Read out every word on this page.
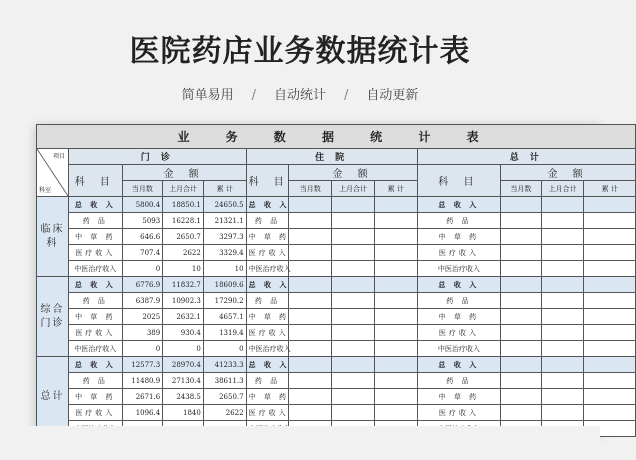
医院药店业务数据统计表
简单易用 / 自动统计 / 自动更新
业 务 数 据 统 计 表												

项目
科室	门 诊				住 院				总 计			
	科 目	金 额			科 目	金 额			科 目	金 额		
		当月数	上月合计	累 计		当月数	上月合计	累 计		当月数	上月合计	累 计
临床科	总 收 入	5800.4	18850.1	24650.5	总 收 入				总 收 入			
	药 品	5093	16228.1	21321.1	药 品				药 品			
	中 草 药	646.6	2650.7	3297.3	中 草 药				中 草 药			
	医疗收入	707.4	2622	3329.4	医疗收入				医疗收入			
	中医治疗收入	0	10	10	中医治疗收入				中医治疗收入			
综合门诊	总 收 入	6776.9	11832.7	18609.6	总 收 入				总 收 入			
	药 品	6387.9	10902.3	17290.2	药 品				药 品			
	中 草 药	2025	2632.1	4657.1	中 草 药				中 草 药			
	医疗收入	389	930.4	1319.4	医疗收入				医疗收入			
	中医治疗收入	0	0	0	中医治疗收入				中医治疗收入			
总计	总 收 入	12577.3	28970.4	41233.3	总 收 入				总 收 入			
	药 品	11480.9	27130.4	38611.3	药 品				药 品			
	中 草 药	2671.6	2438.5	2650.7	中 草 药				中 草 药			
	医疗收入	1096.4	1840	2622	医疗收入				医疗收入			
